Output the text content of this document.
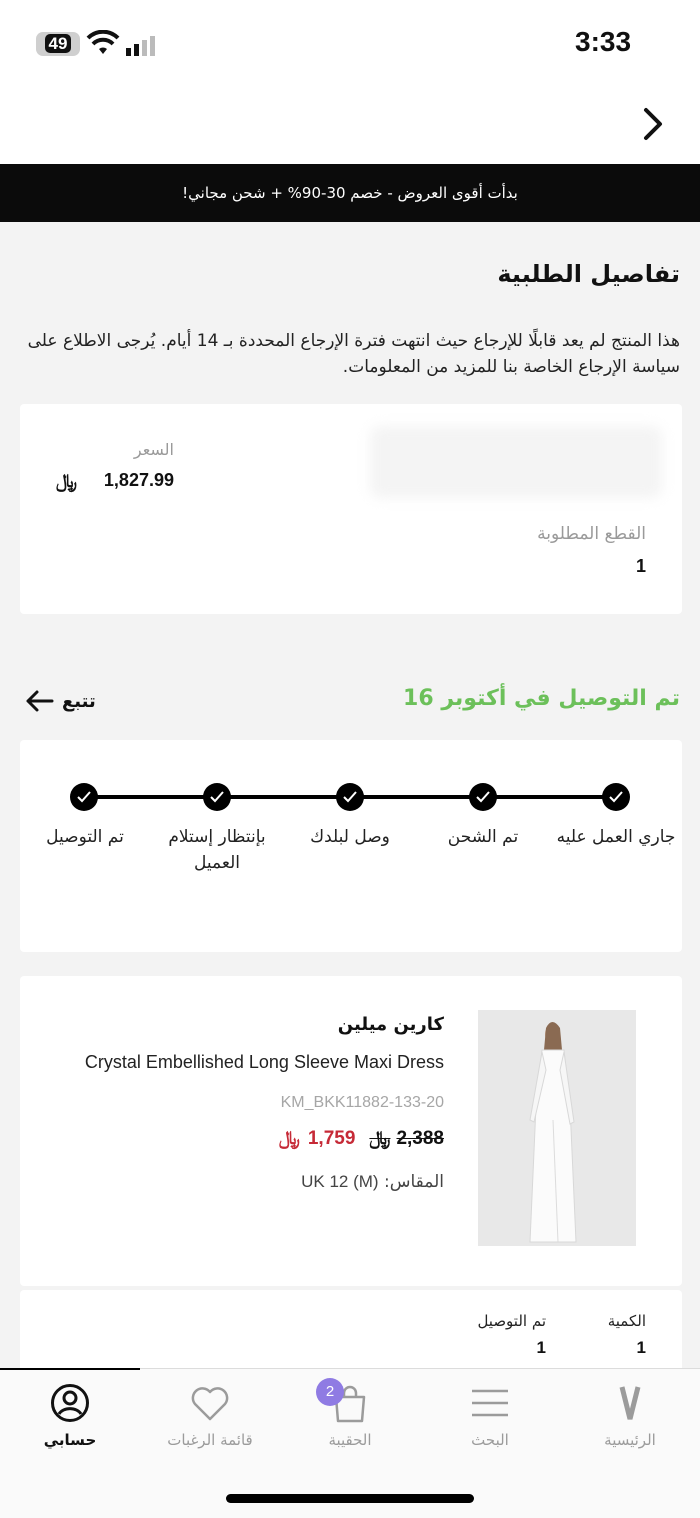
49	3:33
بدأت أقوى العروض - خصم 30-90% + شحن مجاني!
تفاصيل الطلبية
هذا المنتج لم يعد قابلًا للإرجاع حيث انتهت فترة الإرجاع المحددة بـ 14 أيام. يُرجى الاطلاع على سياسة الإرجاع الخاصة بنا للمزيد من المعلومات.
السعر
1,827.99
﷼
القطع المطلوبة
1
تم التوصيل في أكتوبر 16
تتبع
جاري العمل عليه
تم الشحن
وصل لبلدك
بإنتظار إستلام العميل
تم التوصيل
كارين ميلين
Crystal Embellished Long Sleeve Maxi Dress
KM_BKK11882-133-20
﷼ 2,388
﷼ 1,759
المقاس: UK 12 (M)
الكمية
1
تم التوصيل
1
الرئيسية
البحث
الحقيبة
قائمة الرغبات
حسابي
2
